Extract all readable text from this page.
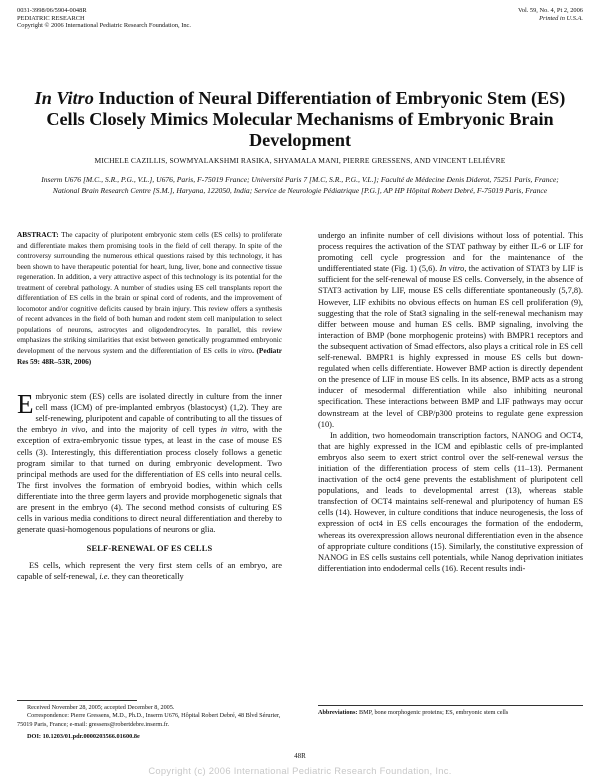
0031-3998/06/5904-0048R
PEDIATRIC RESEARCH
Copyright © 2006 International Pediatric Research Foundation, Inc.
Vol. 59, No. 4, Pt 2, 2006
Printed in U.S.A.
In Vitro Induction of Neural Differentiation of Embryonic Stem (ES) Cells Closely Mimics Molecular Mechanisms of Embryonic Brain Development
MICHELE CAZILLIS, SOWMYALAKSHMI RASIKA, SHYAMALA MANI, PIERRE GRESSENS, AND VINCENT LELIÉVRE
Inserm U676 [M.C., S.R., P.G., V.L.], U676, Paris, F-75019 France; Université Paris 7 [M.C, S.R., P.G., V.L.]; Faculté de Médecine Denis Diderot, 75251 Paris, France; National Brain Research Centre [S.M.], Haryana, 122050, India; Service de Neurologie Pédiatrique [P.G.], AP HP Hôpital Robert Debré, F-75019 Paris, France

ABSTRACT: The capacity of pluripotent embryonic stem cells (ES cells) to proliferate and differentiate makes them promising tools in the field of cell therapy. In spite of the controversy surrounding the numerous ethical questions raised by this technology, it has been shown to have therapeutic potential for heart, lung, liver, bone and connective tissue regeneration. In addition, a very attractive aspect of this technology is its potential for the treatment of cerebral pathology. A number of studies using ES cell transplants report the differentiation of ES cells in the brain or spinal cord of rodents, and the improvement of locomotor and/or cognitive deficits caused by brain injury. This review offers a synthesis of recent advances in the field of both human and rodent stem cell manipulation to select populations of neurons, astrocytes and oligodendrocytes. In parallel, this review emphasizes the striking similarities that exist between genetically programmed embryonic development of the nervous system and the differentiation of ES cells in vitro. (Pediatr Res 59: 48R–53R, 2006)

Embryonic stem (ES) cells are isolated directly in culture from the inner cell mass (ICM) of pre-implanted embryos (blastocyst) (1,2). They are self-renewing, pluripotent and capable of contributing to all the tissues of the embryo in vivo, and into the majority of cell types in vitro, with the exception of extra-embryonic tissue types, at least in the case of mouse ES cells (3). Interestingly, this differentiation process closely follows a genetic program similar to that turned on during embryonic development. Two principal methods are used for the differentiation of ES cells into neural cells. The first involves the formation of embryoid bodies, within which cells differentiate into the three germ layers and provide morphogenetic signals that are present in the embryo (4). The second method consists of culturing ES cells in various media conditions to direct neural differentiation and thereby to generate quasi-homogenous populations of neurons or glia.

SELF-RENEWAL OF ES CELLS

ES cells, which represent the very first stem cells of an embryo, are capable of self-renewal, i.e. they can theoretically

undergo an infinite number of cell divisions without loss of potential. This process requires the activation of the STAT pathway by either IL-6 or LIF for promoting cell cycle progression and for the maintenance of the undifferentiated state (Fig. 1) (5,6). In vitro, the activation of STAT3 by LIF is sufficient for the self-renewal of mouse ES cells. Conversely, in the absence of STAT3 activation by LIF, mouse ES cells differentiate spontaneously (5,7,8). However, LIF exhibits no obvious effects on human ES cell proliferation (9), suggesting that the role of Stat3 signaling in the self-renewal mechanism may differ between mouse and human ES cells. BMP signaling, involving the interaction of BMP (bone morphogenic proteins) with BMPR1 receptors and the subsequent activation of Smad effectors, also plays a critical role in ES cell self-renewal. BMPR1 is highly expressed in mouse ES cells but down-regulated when cells differentiate. However BMP action is directly dependent on the presence of LIF in mouse ES cells. In its absence, BMP acts as a strong inducer of mesodermal differentiation while also inhibiting neuronal specification. These interactions between BMP and LIF pathways may occur downstream at the level of CBP/p300 proteins to regulate gene expression (10).

In addition, two homeodomain transcription factors, NANOG and OCT4, that are highly expressed in the ICM and epiblastic cells of pre-implanted embryos also seem to exert strict control over the self-renewal versus the initiation of the differentiation process of stem cells (11–13). Permanent inactivation of the oct4 gene prevents the establishment of pluripotent cell populations, and leads to developmental arrest (13), whereas stable transfection of OCT4 maintains self-renewal and pluripotency of human ES cells (14). However, in culture conditions that induce neurogenesis, the loss of expression of oct4 in ES cells encourages the formation of the endoderm, whereas its overexpression allows neuronal differentiation even in the absence of appropriate culture conditions (15). Similarly, the constitutive expression of NANOG in ES cells sustains cell potentials, while Nanog deprivation initiates differentiation into endodermal cells (16). Recent results indi-

Received November 28, 2005; accepted December 8, 2005.
Correspondence: Pierre Gressens, M.D., Ph.D., Inserm U676, Hôpital Robert Debré, 48 Blvd Sérurier, 75019 Paris, France; e-mail: gressens@robertdebre.inserm.fr.
DOI: 10.1203/01.pdr.0000203566.01600.8e
Abbreviations: BMP, bone morphogenic proteins; ES, embryonic stem cells
48R
Copyright (c) 2006 International Pediatric Research Foundation, Inc.
